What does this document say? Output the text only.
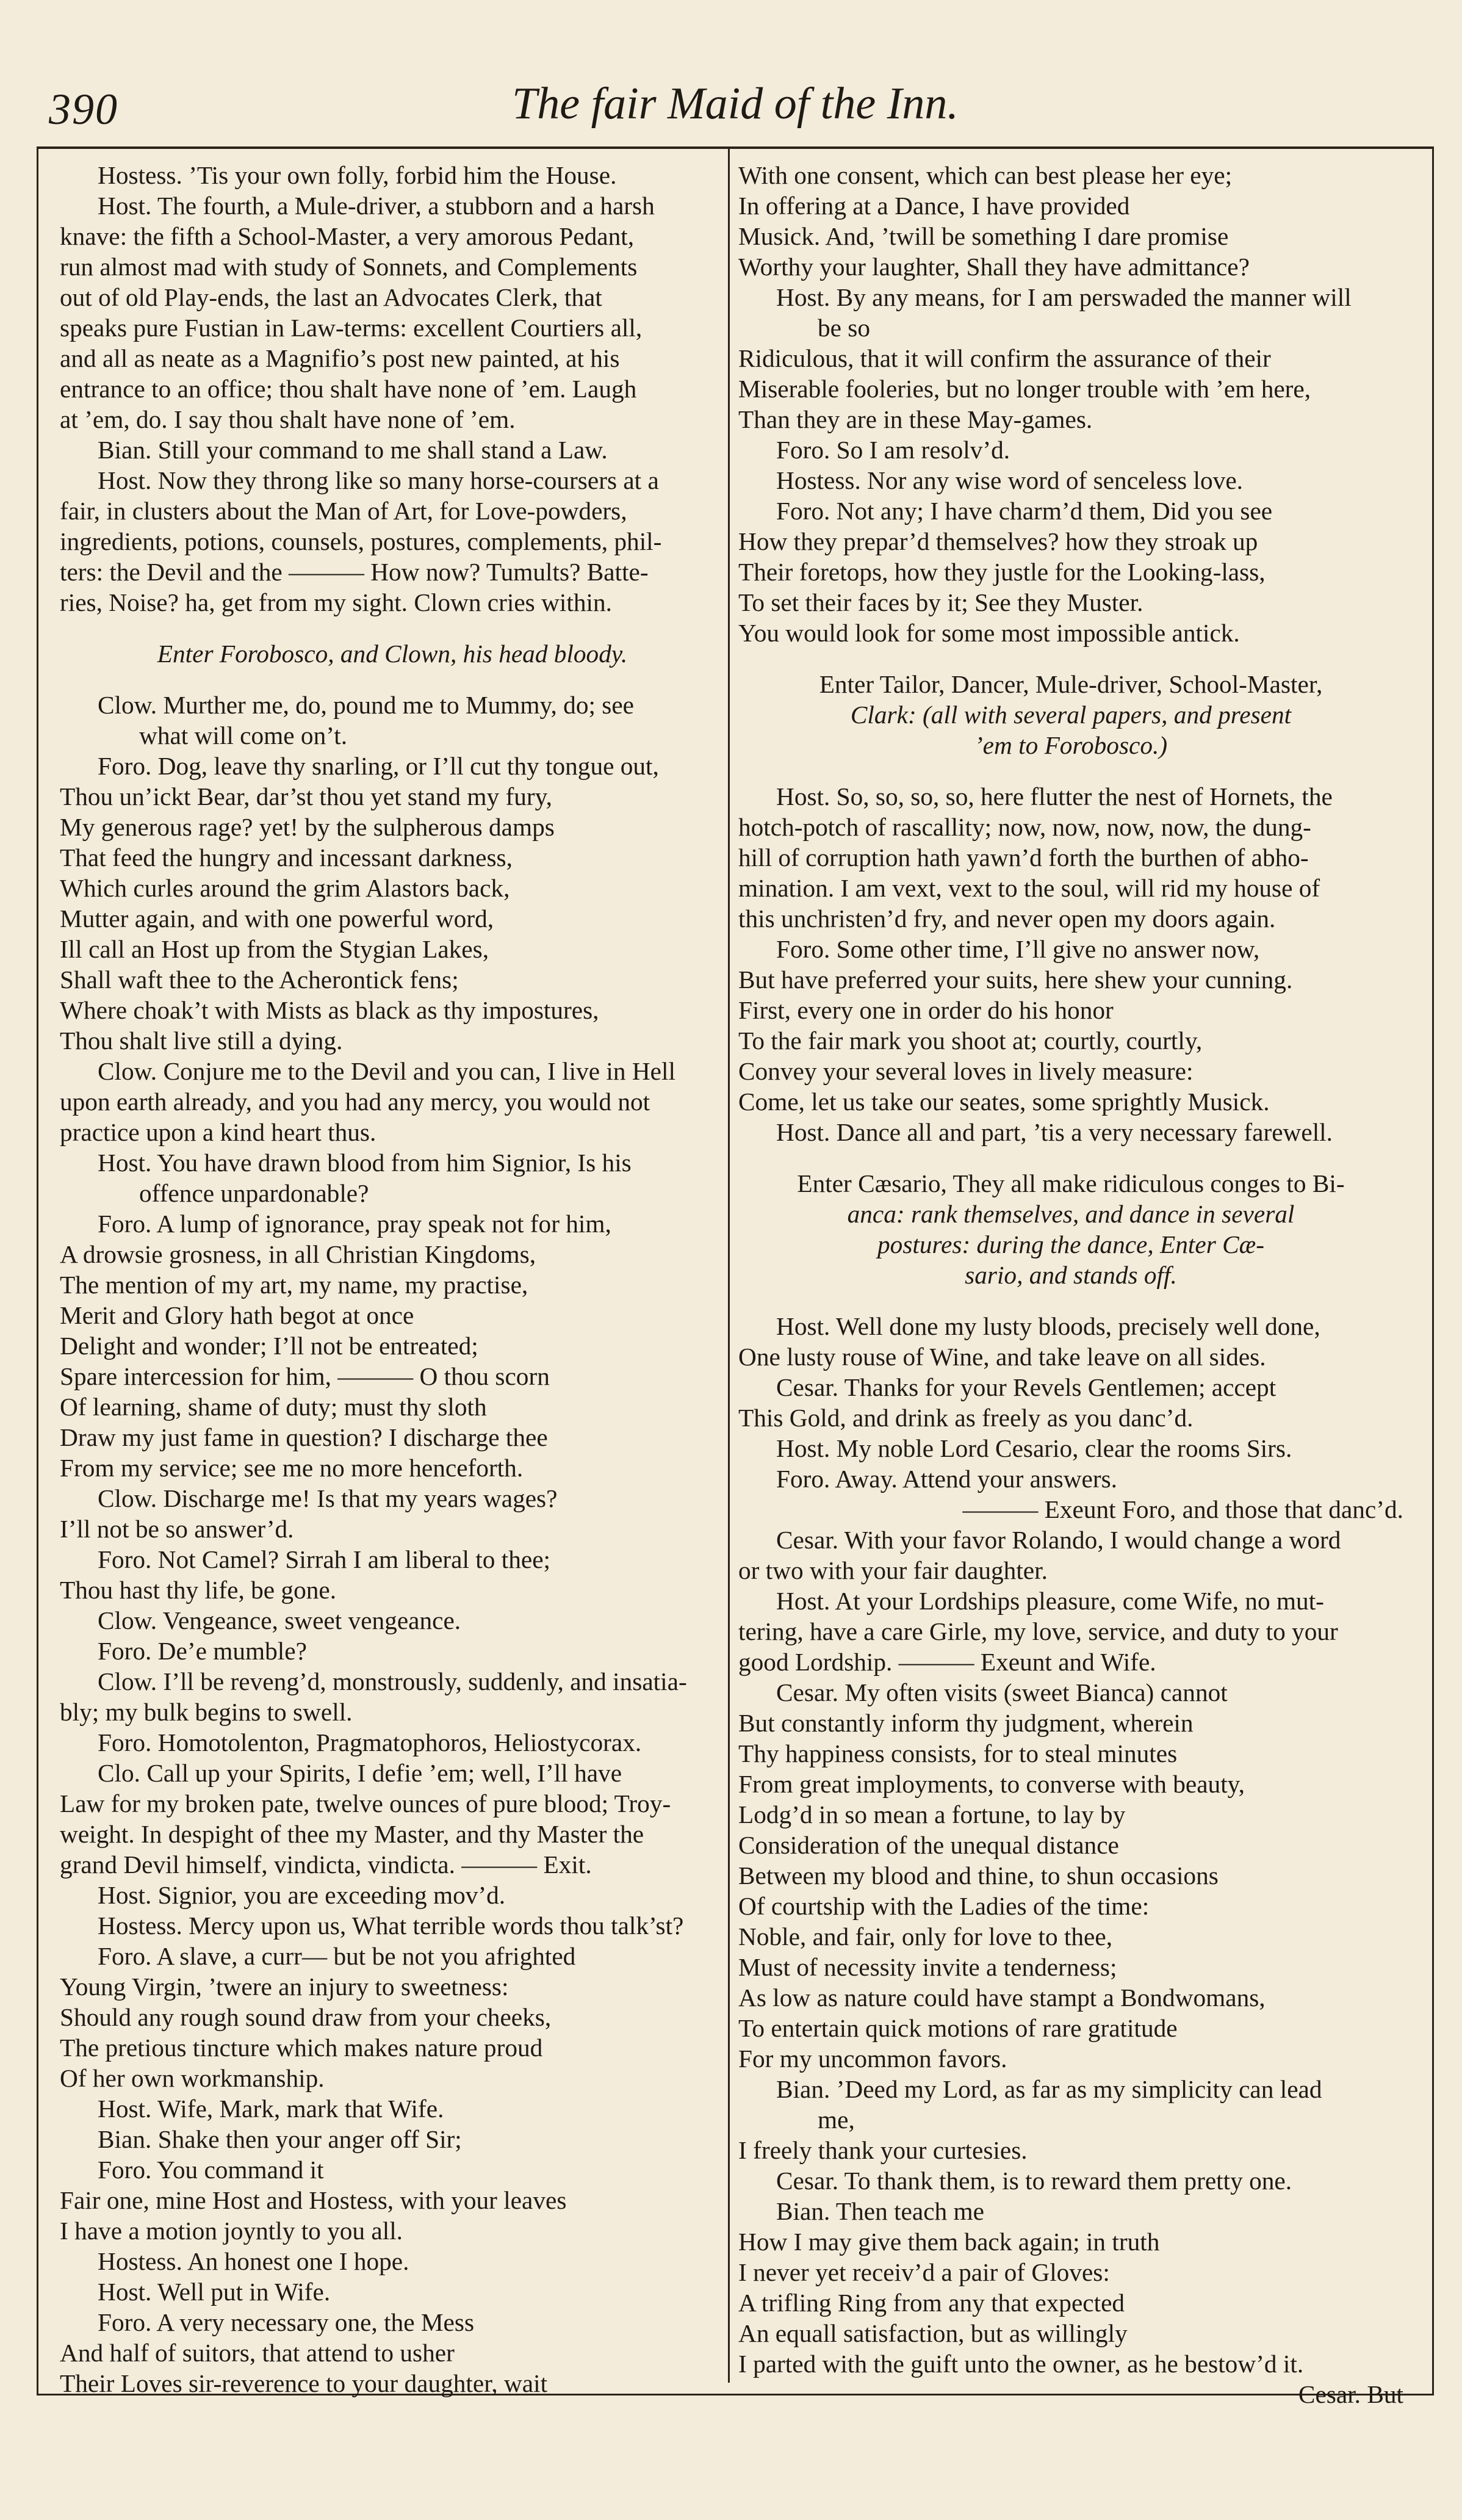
390	The fair Maid of the Inn.
Hostess. ’Tis your own folly, forbid him the House.
Host. The fourth, a Mule-driver, a stubborn and a harsh
knave: the fifth a School-Master, a very amorous Pedant,
run almost mad with study of Sonnets, and Complements
out of old Play-ends, the last an Advocates Clerk, that
speaks pure Fustian in Law-terms: excellent Courtiers all,
and all as neate as a Magnifio’s post new painted, at his
entrance to an office; thou shalt have none of ’em. Laugh
at ’em, do. I say thou shalt have none of ’em.
Bian. Still your command to me shall stand a Law.
Host. Now they throng like so many horse-coursers at a
fair, in clusters about the Man of Art, for Love-powders,
ingredients, potions, counsels, postures, complements, phil-
ters: the Devil and the ——— How now? Tumults? Batte-
ries, Noise? ha, get from my sight. Clown cries within.
Enter Forobosco, and Clown, his head bloody.
Clow. Murther me, do, pound me to Mummy, do; see
what will come on’t.
Foro. Dog, leave thy snarling, or I’ll cut thy tongue out,
Thou un’ickt Bear, dar’st thou yet stand my fury,
My generous rage? yet! by the sulpherous damps
That feed the hungry and incessant darkness,
Which curles around the grim Alastors back,
Mutter again, and with one powerful word,
Ill call an Host up from the Stygian Lakes,
Shall waft thee to the Acherontick fens;
Where choak’t with Mists as black as thy impostures,
Thou shalt live still a dying.
Clow. Conjure me to the Devil and you can, I live in Hell
upon earth already, and you had any mercy, you would not
practice upon a kind heart thus.
Host. You have drawn blood from him Signior, Is his
offence unpardonable?
Foro. A lump of ignorance, pray speak not for him,
A drowsie grosness, in all Christian Kingdoms,
The mention of my art, my name, my practise,
Merit and Glory hath begot at once
Delight and wonder; I’ll not be entreated;
Spare intercession for him, ——— O thou scorn
Of learning, shame of duty; must thy sloth
Draw my just fame in question? I discharge thee
From my service; see me no more henceforth.
Clow. Discharge me! Is that my years wages?
I’ll not be so answer’d.
Foro. Not Camel? Sirrah I am liberal to thee;
Thou hast thy life, be gone.
Clow. Vengeance, sweet vengeance.
Foro. De’e mumble?
Clow. I’ll be reveng’d, monstrously, suddenly, and insatia-
bly; my bulk begins to swell.
Foro. Homotolenton, Pragmatophoros, Heliostycorax.
Clo. Call up your Spirits, I defie ’em; well, I’ll have
Law for my broken pate, twelve ounces of pure blood; Troy-
weight. In despight of thee my Master, and thy Master the
grand Devil himself, vindicta, vindicta. ——— Exit.
Host. Signior, you are exceeding mov’d.
Hostess. Mercy upon us, What terrible words thou talk’st?
Foro. A slave, a curr— but be not you afrighted
Young Virgin, ’twere an injury to sweetness:
Should any rough sound draw from your cheeks,
The pretious tincture which makes nature proud
Of her own workmanship.
Host. Wife, Mark, mark that Wife.
Bian. Shake then your anger off Sir;
Foro. You command it
Fair one, mine Host and Hostess, with your leaves
I have a motion joyntly to you all.
Hostess. An honest one I hope.
Host. Well put in Wife.
Foro. A very necessary one, the Mess
And half of suitors, that attend to usher
Their Loves sir-reverence to your daughter, wait
With one consent, which can best please her eye;
In offering at a Dance, I have provided
Musick. And, ’twill be something I dare promise
Worthy your laughter, Shall they have admittance?
Host. By any means, for I am perswaded the manner will
be so
Ridiculous, that it will confirm the assurance of their
Miserable fooleries, but no longer trouble with ’em here,
Than they are in these May-games.
Foro. So I am resolv’d.
Hostess. Nor any wise word of senceless love.
Foro. Not any; I have charm’d them, Did you see
How they prepar’d themselves? how they stroak up
Their foretops, how they justle for the Looking-lass,
To set their faces by it; See they Muster.
You would look for some most impossible antick.
Enter Tailor, Dancer, Mule-driver, School-Master,
Clark: (all with several papers, and present
’em to Forobosco.)
Host. So, so, so, so, here flutter the nest of Hornets, the
hotch-potch of rascallity; now, now, now, now, the dung-
hill of corruption hath yawn’d forth the burthen of abho-
mination. I am vext, vext to the soul, will rid my house of
this unchristen’d fry, and never open my doors again.
Foro. Some other time, I’ll give no answer now,
But have preferred your suits, here shew your cunning.
First, every one in order do his honor
To the fair mark you shoot at; courtly, courtly,
Convey your several loves in lively measure:
Come, let us take our seates, some sprightly Musick.
Host. Dance all and part, ’tis a very necessary farewell.
Enter Cæsario, They all make ridiculous conges to Bi-
anca: rank themselves, and dance in several
postures: during the dance, Enter Cæ-
sario, and stands off.
Host. Well done my lusty bloods, precisely well done,
One lusty rouse of Wine, and take leave on all sides.
Cesar. Thanks for your Revels Gentlemen; accept
This Gold, and drink as freely as you danc’d.
Host. My noble Lord Cesario, clear the rooms Sirs.
Foro. Away. Attend your answers.
——— Exeunt Foro, and those that danc’d.
Cesar. With your favor Rolando, I would change a word
or two with your fair daughter.
Host. At your Lordships pleasure, come Wife, no mut-
tering, have a care Girle, my love, service, and duty to your
good Lordship. ——— Exeunt and Wife.
Cesar. My often visits (sweet Bianca) cannot
But constantly inform thy judgment, wherein
Thy happiness consists, for to steal minutes
From great imployments, to converse with beauty,
Lodg’d in so mean a fortune, to lay by
Consideration of the unequal distance
Between my blood and thine, to shun occasions
Of courtship with the Ladies of the time:
Noble, and fair, only for love to thee,
Must of necessity invite a tenderness;
As low as nature could have stampt a Bondwomans,
To entertain quick motions of rare gratitude
For my uncommon favors.
Bian. ’Deed my Lord, as far as my simplicity can lead
me,
I freely thank your curtesies.
Cesar. To thank them, is to reward them pretty one.
Bian. Then teach me
How I may give them back again; in truth
I never yet receiv’d a pair of Gloves:
A trifling Ring from any that expected
An equall satisfaction, but as willingly
I parted with the guift unto the owner, as he bestow’d it.
Cesar. But
